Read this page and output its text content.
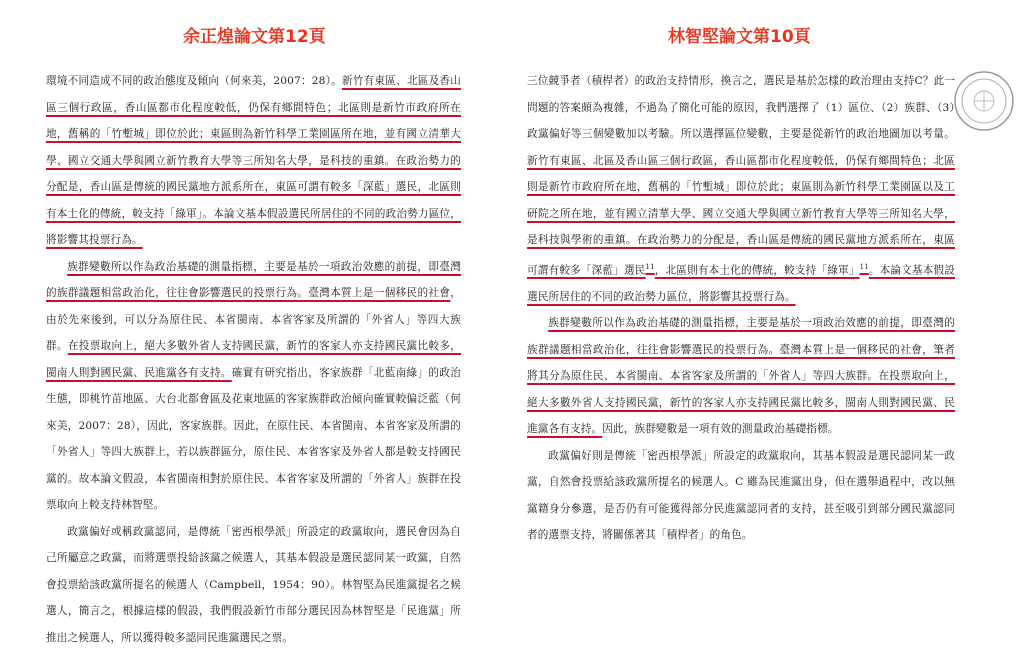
余正煌論文第12頁	林智堅論文第10頁

環境不同造成不同的政治態度及傾向（何來美，2007：28）。新竹有東區、北區及香山區三個行政區，香山區都市化程度較低，仍保有鄉間特色；北區則是新竹市政府所在地，舊稱的「竹塹城」即位於此；東區則為新竹科學工業園區所在地，並有國立清華大學、國立交通大學與國立新竹教育大學等三所知名大學，是科技的重鎮。在政治勢力的分配是，香山區是傳統的國民黨地方派系所在，東區可謂有較多「深藍」選民，北區則有本土化的傳統，較支持「綠軍」。本論文基本假設選民所居住的不同的政治勢力區位，將影響其投票行為。

族群變數所以作為政治基礎的測量指標，主要是基於一項政治效應的前提，即臺灣的族群議題相當政治化，往往會影響選民的投票行為。臺灣本質上是一個移民的社會，由於先來後到，可以分為原住民、本省閩南、本省客家及所謂的「外省人」等四大族群。在投票取向上，絕大多數外省人支持國民黨，新竹的客家人亦支持國民黨比較多，閩南人則對國民黨、民進黨各有支持。確實有研究指出，客家族群「北藍南綠」的政治生態，即桃竹苗地區、大台北都會區及花東地區的客家族群政治傾向確實較偏泛藍（何來美，2007：28），因此，客家族群。因此，在原住民、本省閩南、本省客家及所謂的「外省人」等四大族群上，若以族群區分，原住民、本省客家及外省人都是較支持國民黨的。故本論文假設，本省閩南相對於原住民、本省客家及所謂的「外省人」族群在投票取向上較支持林智堅。

政黨偏好或稱政黨認同，是傳統「密西根學派」所設定的政黨取向，選民會因為自己所屬意之政黨，而將選票投給該黨之候選人，其基本假設是選民認同某一政黨，自然會投票給該政黨所提名的候選人（Campbell，1954：90）。林智堅為民進黨提名之候選人，簡言之，根據這樣的假設，我們假設新竹市部分選民因為林智堅是「民進黨」所推出之候選人，所以獲得較多認同民進黨選民之票。

三位競爭者（積桿者）的政治支持情形，換言之，選民是基於怎樣的政治理由支持C？此一問題的答案頗為複雜，不過為了簡化可能的原因，我們選擇了（1）區位、（2）族群、（3）政黨偏好等三個變數加以考驗。所以選擇區位變數，主要是從新竹的政治地圖加以考量。新竹有東區、北區及香山區三個行政區，香山區都市化程度較低，仍保有鄉間特色；北區則是新竹市政府所在地，舊稱的「竹塹城」即位於此；東區則為新竹科學工業園區以及工研院之所在地，並有國立清華大學、國立交通大學與國立新竹教育大學等三所知名大學，是科技與學術的重鎮。在政治勢力的分配是，香山區是傳統的國民黨地方派系所在，東區可謂有較多「深藍」選民$^{11}$，北區則有本土化的傳統，較支持「綠軍」$^{11}$。本論文基本假設選民所居住的不同的政治勢力區位，將影響其投票行為。

族群變數所以作為政治基礎的測量指標，主要是基於一項政治效應的前提，即臺灣的族群議題相當政治化，往往會影響選民的投票行為。臺灣本質上是一個移民的社會，筆者將其分為原住民、本省閩南、本省客家及所謂的「外省人」等四大族群。在投票取向上，絕大多數外省人支持國民黨，新竹的客家人亦支持國民黨比較多，閩南人則對國民黨、民進黨各有支持。因此，族群變數是一項有效的測量政治基礎指標。

政黨偏好則是傳統「密西根學派」所設定的政黨取向，其基本假設是選民認同某一政黨，自然會投票給該政黨所提名的候選人。C 雖為民進黨出身，但在選舉過程中，改以無黨籍身分參選，是否仍有可能獲得部分民進黨認同者的支持，甚至吸引到部分國民黨認同者的選票支持，將關係著其「積桿者」的角色。
